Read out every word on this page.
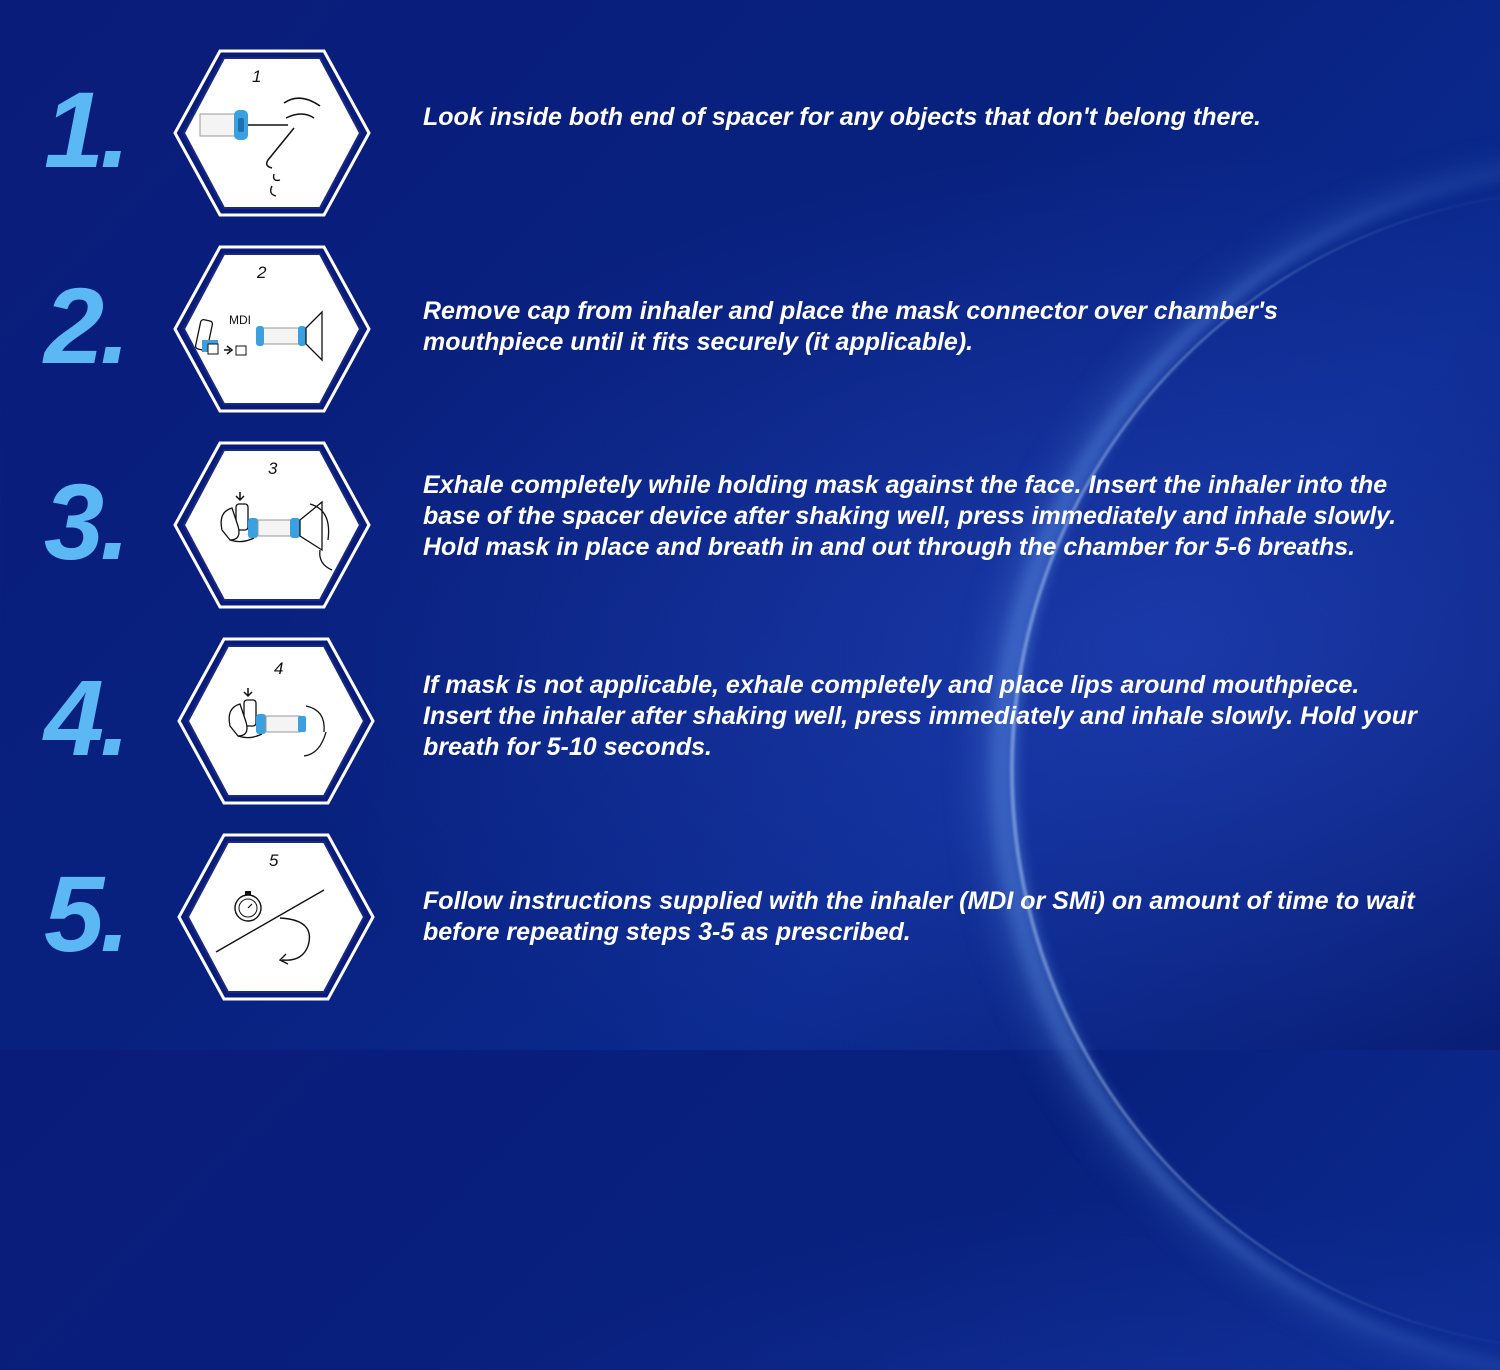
1.	1

Look inside both end of spacer for any objects that don't belong there.

2.	2
MDI	Remove cap from inhaler and place the mask connector over chamber's mouthpiece until it fits securely (it applicable).

3.	3

Exhale completely while holding mask against the face. Insert the inhaler into the base of the spacer device after shaking well, press immediately and inhale slowly. Hold mask in place and breath in and out through the chamber for 5-6 breaths.

4.	4

If mask is not applicable, exhale completely and place lips around mouthpiece. Insert the inhaler after shaking well, press immediately and inhale slowly. Hold your breath for 5-10 seconds.

5.	5

Follow instructions supplied with the inhaler (MDI or SMi) on amount of time to wait before repeating steps 3-5 as prescribed.
